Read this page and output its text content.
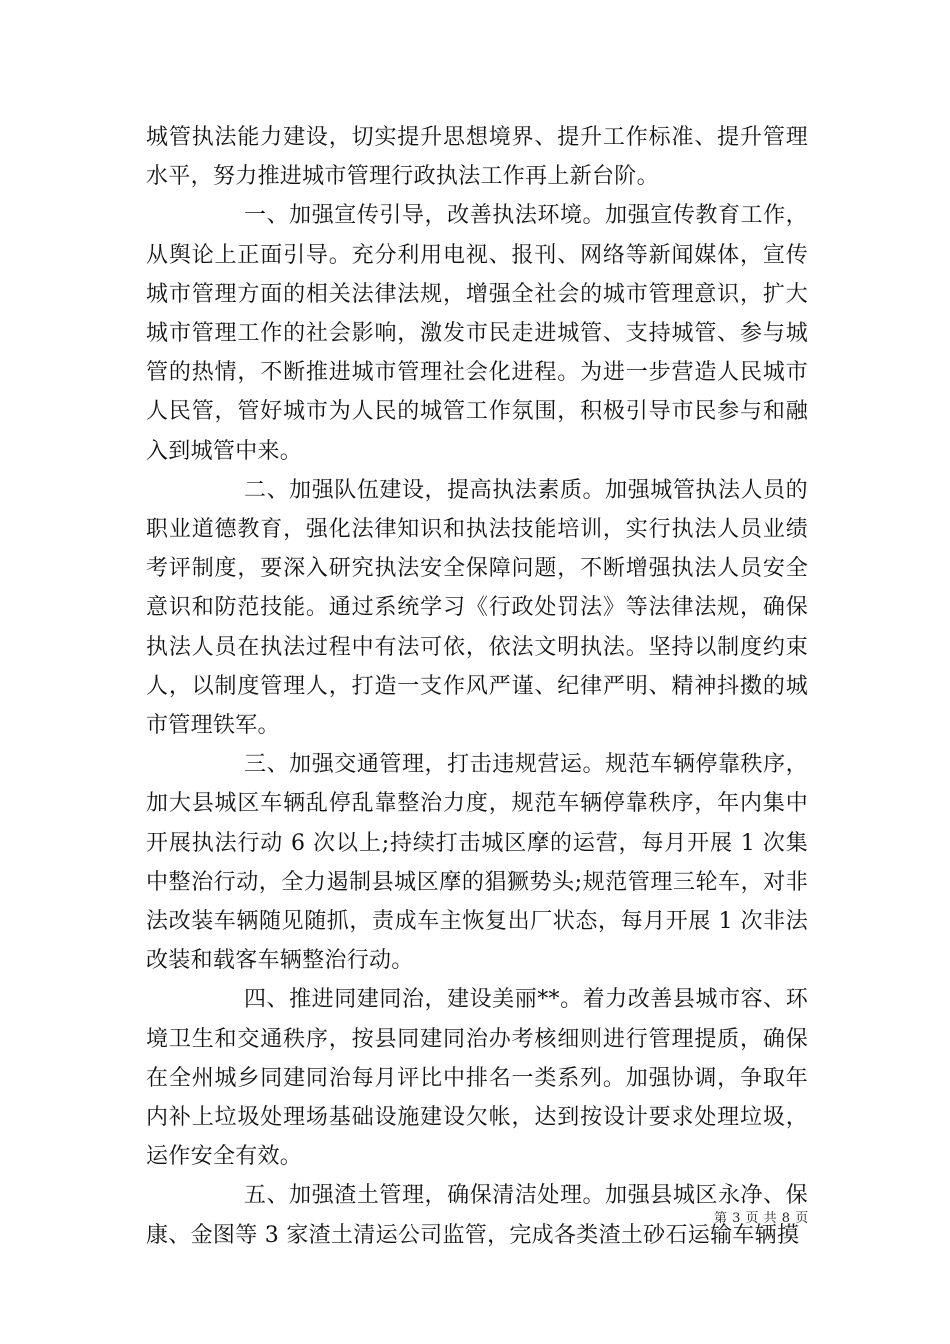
城管执法能力建设，切实提升思想境界、提升工作标准、提升管理水平，努力推进城市管理行政执法工作再上新台阶。

一、加强宣传引导，改善执法环境。加强宣传教育工作，从舆论上正面引导。充分利用电视、报刊、网络等新闻媒体，宣传城市管理方面的相关法律法规，增强全社会的城市管理意识，扩大城市管理工作的社会影响，激发市民走进城管、支持城管、参与城管的热情，不断推进城市管理社会化进程。为进一步营造人民城市人民管，管好城市为人民的城管工作氛围，积极引导市民参与和融入到城管中来。

二、加强队伍建设，提高执法素质。加强城管执法人员的职业道德教育，强化法律知识和执法技能培训，实行执法人员业绩考评制度，要深入研究执法安全保障问题，不断增强执法人员安全意识和防范技能。通过系统学习《行政处罚法》等法律法规，确保执法人员在执法过程中有法可依，依法文明执法。坚持以制度约束人，以制度管理人，打造一支作风严谨、纪律严明、精神抖擞的城市管理铁军。

三、加强交通管理，打击违规营运。规范车辆停靠秩序，加大县城区车辆乱停乱靠整治力度，规范车辆停靠秩序，年内集中开展执法行动 6 次以上;持续打击城区摩的运营，每月开展 1 次集中整治行动，全力遏制县城区摩的猖獗势头;规范管理三轮车，对非法改装车辆随见随抓，责成车主恢复出厂状态，每月开展 1 次非法改装和载客车辆整治行动。

四、推进同建同治，建设美丽**。着力改善县城市容、环境卫生和交通秩序，按县同建同治办考核细则进行管理提质，确保在全州城乡同建同治每月评比中排名一类系列。加强协调，争取年内补上垃圾处理场基础设施建设欠帐，达到按设计要求处理垃圾，运作安全有效。

五、加强渣土管理，确保清洁处理。加强县城区永净、保康、金图等 3 家渣土清运公司监管，完成各类渣土砂石运输车辆摸

第 3 页 共 8 页
